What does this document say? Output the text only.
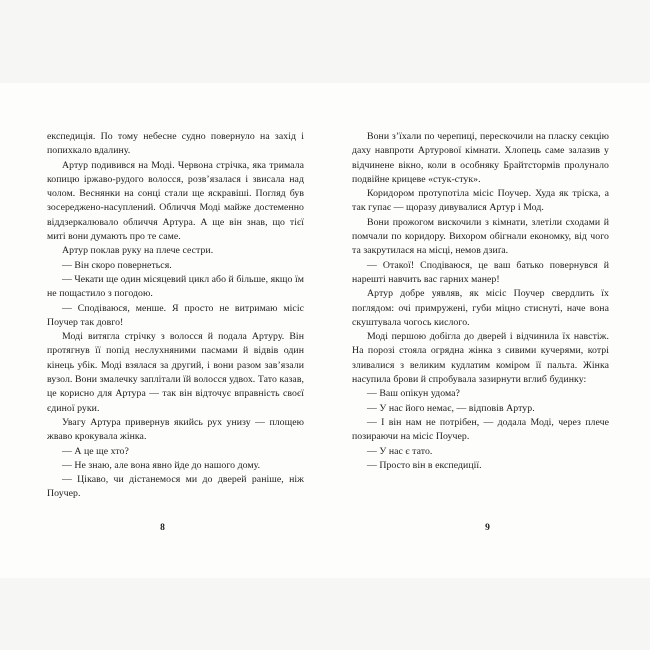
експедиція. По тому небесне судно повернуло на захід і попихкало вдалину.

Артур подивився на Моді. Червона стрічка, яка тримала копицю іржаво-рудого волосся, розв’язалася і звисала над чолом. Веснянки на сонці стали ще яскравіші. Погляд був зосереджено-насуплений. Обличчя Моді майже достеменно віддзеркалювало обличчя Артура. А ще він знав, що тієї миті вони думають про те саме.

Артур поклав руку на плече сестри.

— Він скоро повернеться.

— Чекати ще один місяцевий цикл або й більше, якщо їм не пощастило з погодою.

— Сподіваюся, менше. Я просто не витримаю місіс Поучер так довго!

Моді витягла стрічку з волосся й подала Артуру. Він протягнув її попід неслухняними пасмами й відвів один кінець убік. Моді взялася за другий, і вони разом зав’язали вузол. Вони змалечку заплітали їй волосся удвох. Тато казав, це корисно для Артура — так він відточує вправність своєї єдиної руки.

Увагу Артура привернув якийсь рух унизу — площею жваво крокувала жінка.

— А це ще хто?

— Не знаю, але вона явно йде до нашого дому.

— Цікаво, чи дістанемося ми до дверей раніше, ніж Поучер.

8

Вони з’їхали по черепиці, перескочили на пласку секцію даху навпроти Артурової кімнати. Хлопець саме залазив у відчинене вікно, коли в особняку Брайтстормів пролунало подвійне крицеве «стук-стук».

Коридором протупотіла місіс Поучер. Худа як тріска, а так гупає — щоразу дивувалися Артур і Мод.

Вони прожогом вискочили з кімнати, злетіли сходами й помчали по коридору. Вихором обігнали економку, від чого та закрутилася на місці, немов дзиґа.

— Отакої! Сподіваюся, це ваш батько повернувся й нарешті навчить вас гарних манер!

Артур добре уявляв, як місіс Поучер свердлить їх поглядом: очі примружені, губи міцно стиснуті, наче вона скуштувала чогось кислого.

Моді першою добігла до дверей і відчинила їх навстіж. На порозі стояла огрядна жінка з сивими кучерями, котрі зливалися з великим кудлатим коміром її пальта. Жінка насупила брови й спробувала зазирнути вглиб будинку:

— Ваш опікун удома?

— У нас його немає, — відповів Артур.

— І він нам не потрібен, — додала Моді, через плече позираючи на місіс Поучер.

— У нас є тато.

— Просто він в експедиції.

9
